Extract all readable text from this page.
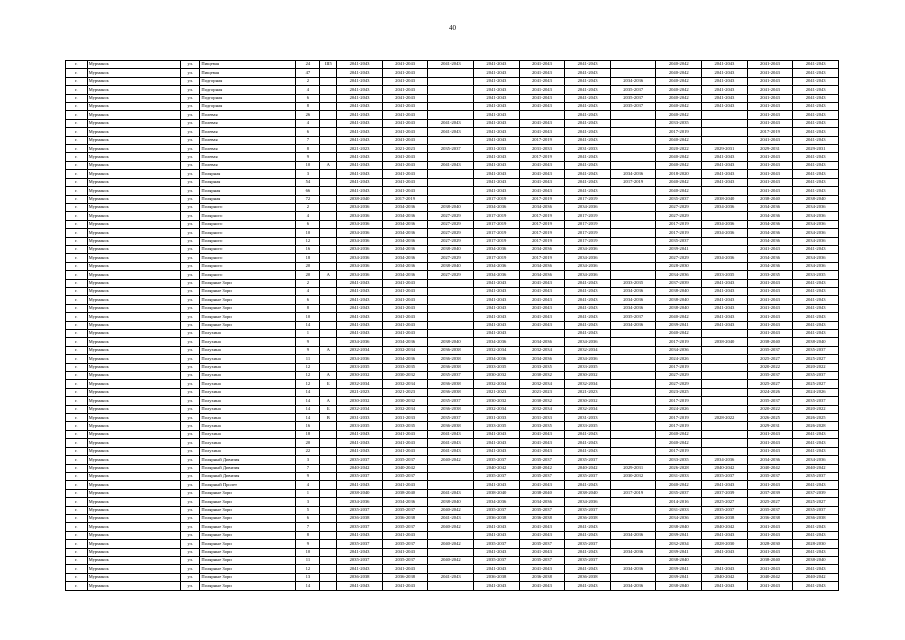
40
г.	Мурманск	ул.	Пищевая	24	Ш5	2041-2043	2041-2043	2041-2043	2041-2043	2041-2043	2041-2043		2040-2042	2041-2043	2041-2043	2041-2043
г.	Мурманск	ул.	Пищевая	47		2041-2043	2041-2043		2041-2043	2041-2043	2041-2043		2040-2042	2041-2043	2041-2043	2041-2043
г.	Мурманск	ул.	Подгорная	2		2041-2043	2041-2043		2041-2043	2041-2043	2041-2043	2034-2036	2040-2042	2041-2043	2041-2043	2041-2043
г.	Мурманск	ул.	Подгорная	4		2041-2043	2041-2043		2041-2043	2041-2043	2041-2043	2035-2037	2040-2042	2041-2043	2041-2043	2041-2043
г.	Мурманск	ул.	Подгорная	6		2041-2043	2041-2043		2041-2043	2041-2043	2041-2043	2035-2037	2040-2042	2041-2043	2041-2043	2041-2043
г.	Мурманск	ул.	Подгорная	8		2041-2043	2041-2043		2041-2043	2041-2043	2041-2043	2035-2037	2040-2042	2041-2043	2041-2043	2041-2043
г.	Мурманск	ул.	Полевая	26		2041-2043	2041-2043		2041-2043		2041-2043		2040-2042		2041-2043	2041-2043
г.	Мурманск	ул.	Полевая	4		2041-2043	2041-2043	2041-2043	2041-2043	2041-2043	2041-2043		2033-2035		2041-2043	2041-2043
г.	Мурманск	ул.	Полевая	6		2041-2043	2041-2043	2041-2043	2041-2043	2041-2043	2041-2043		2017-2019		2017-2019	2041-2043
г.	Мурманск	ул.	Полевая	7		2041-2043	2041-2043		2041-2043	2017-2019	2041-2043		2040-2042		2041-2043	2041-2043
г.	Мурманск	ул.	Полевая	8		2021-2023	2021-2023	2035-2037	2031-2033	2031-2033	2031-2033		2020-2022	2029-2031	2029-2031	2029-2031
г.	Мурманск	ул.	Полевая	9		2041-2043	2041-2043		2041-2043	2017-2019	2041-2043		2040-2042	2041-2043	2041-2043	2041-2043
г.	Мурманск	ул.	Полевая	10	А	2041-2043	2041-2043	2041-2043	2041-2043	2041-2043	2041-2043		2040-2042	2041-2043	2041-2043	2041-2043
г.	Мурманск	ул.	Полярная	3		2041-2043	2041-2043		2041-2043	2041-2043	2041-2043	2034-2036	2018-2020	2041-2043	2041-2043	2041-2043
г.	Мурманск	ул.	Полярная	54		2041-2043	2041-2043		2041-2043	2041-2043	2041-2043	2017-2019	2040-2042	2041-2043	2041-2043	2041-2043
г.	Мурманск	ул.	Полярная	66		2041-2043	2041-2043		2041-2043	2041-2043	2041-2043		2040-2042		2041-2043	2041-2043
г.	Мурманск	ул.	Полярная	72		2038-2040	2017-2019		2017-2019	2017-2019	2017-2019		2035-2037	2038-2040	2038-2040	2038-2040
г.	Мурманск	ул.	Полярного	2		2034-2036	2034-2036	2038-2040	2034-2036	2034-2036	2034-2036		2027-2029	2034-2036	2034-2036	2034-2036
г.	Мурманск	ул.	Полярного	4		2034-2036	2034-2036	2027-2029	2017-2019	2017-2019	2017-2019		2027-2029		2034-2036	2034-2036
г.	Мурманск	ул.	Полярного	6		2034-2036	2034-2036	2027-2029	2017-2019	2017-2019	2017-2019		2017-2019	2034-2036	2034-2036	2034-2036
г.	Мурманск	ул.	Полярного	10		2034-2036	2034-2036	2027-2029	2017-2019	2017-2019	2017-2019		2017-2019	2034-2036	2034-2036	2034-2036
г.	Мурманск	ул.	Полярного	12		2034-2036	2034-2036	2027-2029	2017-2019	2017-2019	2017-2019		2035-2037		2034-2036	2034-2036
г.	Мурманск	ул.	Полярного	16		2034-2036	2034-2036	2038-2040	2034-2036	2034-2036	2034-2036		2039-2041		2041-2043	2041-2043
г.	Мурманск	ул.	Полярного	18		2034-2036	2034-2036	2027-2029	2017-2019	2017-2019	2034-2036		2027-2029	2034-2036	2034-2036	2034-2036
г.	Мурманск	ул.	Полярного	20		2034-2036	2034-2036	2038-2040	2034-2036	2034-2036	2034-2036		2028-2030		2034-2036	2034-2036
г.	Мурманск	ул.	Полярного	20	А	2034-2036	2034-2036	2027-2029	2034-2036	2034-2036	2034-2036		2034-2036	2033-2035	2033-2035	2033-2035
г.	Мурманск	ул.	Полярные Зори	2		2041-2043	2041-2043		2041-2043	2041-2043	2041-2043	2033-2035	2037-2039	2041-2043	2041-2043	2041-2043
г.	Мурманск	ул.	Полярные Зори	4		2041-2043	2041-2043		2041-2043	2041-2043	2041-2043	2034-2036	2038-2040	2041-2043	2041-2043	2041-2043
г.	Мурманск	ул.	Полярные Зори	6		2041-2043	2041-2043		2041-2043	2041-2043	2041-2043	2034-2036	2038-2040	2041-2043	2041-2043	2041-2043
г.	Мурманск	ул.	Полярные Зори	8		2041-2043	2041-2043		2041-2043	2041-2043	2041-2043	2034-2036	2038-2040	2041-2043	2041-2043	2041-2043
г.	Мурманск	ул.	Полярные Зори	10		2041-2043	2041-2043		2041-2043	2041-2043	2041-2043	2035-2037	2040-2042	2041-2043	2041-2043	2041-2043
г.	Мурманск	ул.	Полярные Зори	14		2041-2043	2041-2043		2041-2043	2041-2043	2041-2043	2034-2036	2039-2041	2041-2043	2041-2043	2041-2043
г.	Мурманск	ул.	Полухина	1		2041-2043	2041-2043		2041-2043		2041-2043		2040-2042		2041-2043	2041-2043
г.	Мурманск	ул.	Полухина	9		2034-2036	2034-2036	2038-2040	2034-2036	2034-2036	2034-2036		2017-2019	2038-2040	2038-2040	2038-2040
г.	Мурманск	ул.	Полухина	9	А	2032-2034	2032-2034	2036-2038	2032-2034	2032-2034	2032-2034		2034-2036		2035-2037	2035-2037
г.	Мурманск	ул.	Полухина	11		2034-2036	2034-2036	2036-2038	2034-2036	2034-2036	2034-2036		2024-2026		2025-2027	2025-2027
г.	Мурманск	ул.	Полухина	12		2033-2035	2033-2035	2036-2038	2033-2035	2033-2035	2033-2035		2017-2019		2020-2022	2020-2022
г.	Мурманск	ул.	Полухина	12	А	2030-2032	2030-2032	2035-2037	2030-2032	2030-2032	2030-2032		2027-2029		2035-2037	2035-2037
г.	Мурманск	ул.	Полухина	12	Б	2032-2034	2032-2034	2036-2038	2032-2034	2032-2034	2032-2034		2027-2029		2025-2027	2025-2027
г.	Мурманск	ул.	Полухина	14		2021-2023	2021-2023	2036-2038	2021-2023	2021-2023	2021-2023		2023-2025		2024-2026	2024-2026
г.	Мурманск	ул.	Полухина	14	А	2030-2032	2030-2032	2035-2037	2030-2032	2030-2032	2030-2032		2017-2019		2035-2037	2035-2037
г.	Мурманск	ул.	Полухина	14	Б	2032-2034	2032-2034	2036-2038	2032-2034	2032-2034	2032-2034		2024-2026		2020-2022	2020-2022
г.	Мурманск	ул.	Полухина	14	В	2031-2033	2031-2033	2035-2037	2031-2033	2031-2033	2031-2033		2017-2019	2028-2022	2026-2025	2026-2025
г.	Мурманск	ул.	Полухина	16		2033-2035	2033-2035	2036-2038	2033-2035	2033-2035	2033-2035		2017-2019		2029-2031	2026-2028
г.	Мурманск	ул.	Полухина	18		2041-2043	2041-2043	2041-2043	2041-2043	2041-2043	2041-2043		2040-2042		2041-2043	2041-2043
г.	Мурманск	ул.	Полухина	20		2041-2043	2041-2043	2041-2043	2041-2043	2041-2043	2041-2043		2040-2042		2041-2043	2041-2043
г.	Мурманск	ул.	Полухина	22		2041-2043	2041-2043	2041-2043	2041-2043	2041-2043	2041-2043		2017-2019		2041-2043	2041-2043
г.	Мурманск	ул.	Полярный Дивизия	3		2035-2037	2035-2037	2040-2042	2035-2037	2035-2037	2035-2037		2033-2035	2034-2036	2034-2036	2034-2036
г.	Мурманск	ул.	Полярный Дивизия	7		2040-2042	2040-2042		2040-2042	2040-2042	2040-2042	2029-2031	2026-2028	2040-2042	2040-2042	2040-2042
г.	Мурманск	ул.	Полярный Дивизия	9		2035-2037	2035-2037		2035-2037	2035-2037	2035-2037	2030-2032	2031-2033	2035-2037	2035-2037	2035-2037
г.	Мурманск	ул.	Полярный Пролет	4		2041-2043	2041-2043		2041-2043	2041-2043	2041-2043		2040-2042	2041-2043	2041-2043	2041-2043
г.	Мурманск	ул.	Полярные Зори	1		2038-2040	2038-2040	2041-2043	2038-2040	2038-2040	2038-2040	2017-2019	2035-2037	2037-2039	2037-2039	2037-2039
г.	Мурманск	ул.	Полярные Зори	3		2034-2036	2034-2036	2038-2040	2034-2036	2034-2036	2034-2036		2014-2016	2025-2027	2025-2027	2025-2027
г.	Мурманск	ул.	Полярные Зори	5		2035-2037	2035-2037	2040-2042	2035-2037	2035-2037	2035-2037		2031-2033	2035-2037	2035-2037	2035-2037
г.	Мурманск	ул.	Полярные Зори	6		2036-2038	2036-2038	2041-2043	2036-2038	2036-2038	2036-2038		2034-2036	2036-2038	2036-2038	2036-2038
г.	Мурманск	ул.	Полярные Зори	7		2035-2037	2035-2037	2040-2042	2041-2043	2041-2043	2041-2043		2038-2040	2040-2042	2041-2043	2041-2043
г.	Мурманск	ул.	Полярные Зори	8		2041-2043	2041-2043		2041-2043	2041-2043	2041-2043	2034-2036	2039-2041	2041-2043	2041-2043	2041-2043
г.	Мурманск	ул.	Полярные Зори	9		2035-2037	2035-2037	2040-2042	2035-2037	2035-2037	2035-2037		2032-2034	2028-2030	2028-2030	2028-2030
г.	Мурманск	ул.	Полярные Зори	10		2041-2043	2041-2043		2041-2043	2041-2043	2041-2043	2034-2036	2039-2041	2041-2043	2041-2043	2041-2043
г.	Мурманск	ул.	Полярные Зори	11		2035-2037	2035-2037	2040-2042	2035-2037	2035-2037	2035-2037		2038-2040		2038-2040	2038-2040
г.	Мурманск	ул.	Полярные Зори	12		2041-2043	2041-2043		2041-2043	2041-2043	2041-2043	2034-2036	2039-2041	2041-2043	2041-2043	2041-2043
г.	Мурманск	ул.	Полярные Зори	13		2036-2038	2036-2038	2041-2043	2036-2038	2036-2038	2036-2038		2039-2041	2040-2042	2040-2042	2040-2042
г.	Мурманск	ул.	Полярные Зори	14		2041-2043	2041-2043		2041-2043	2041-2043	2041-2043	2034-2036	2038-2040	2041-2043	2041-2043	2041-2043
